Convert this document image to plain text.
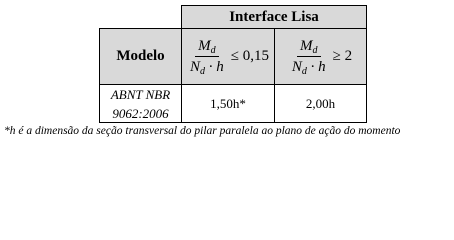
Interface Lisa
Modelo $\frac{M_d}{N_d \cdot h} \le 0,15 \frac{M_d}{N_d \cdot h} \ge 2$
ABNT NBR
9062:2006
1,50h*	2,00h
*h é a dimensão da seção transversal do pilar paralela ao plano de ação do momento
